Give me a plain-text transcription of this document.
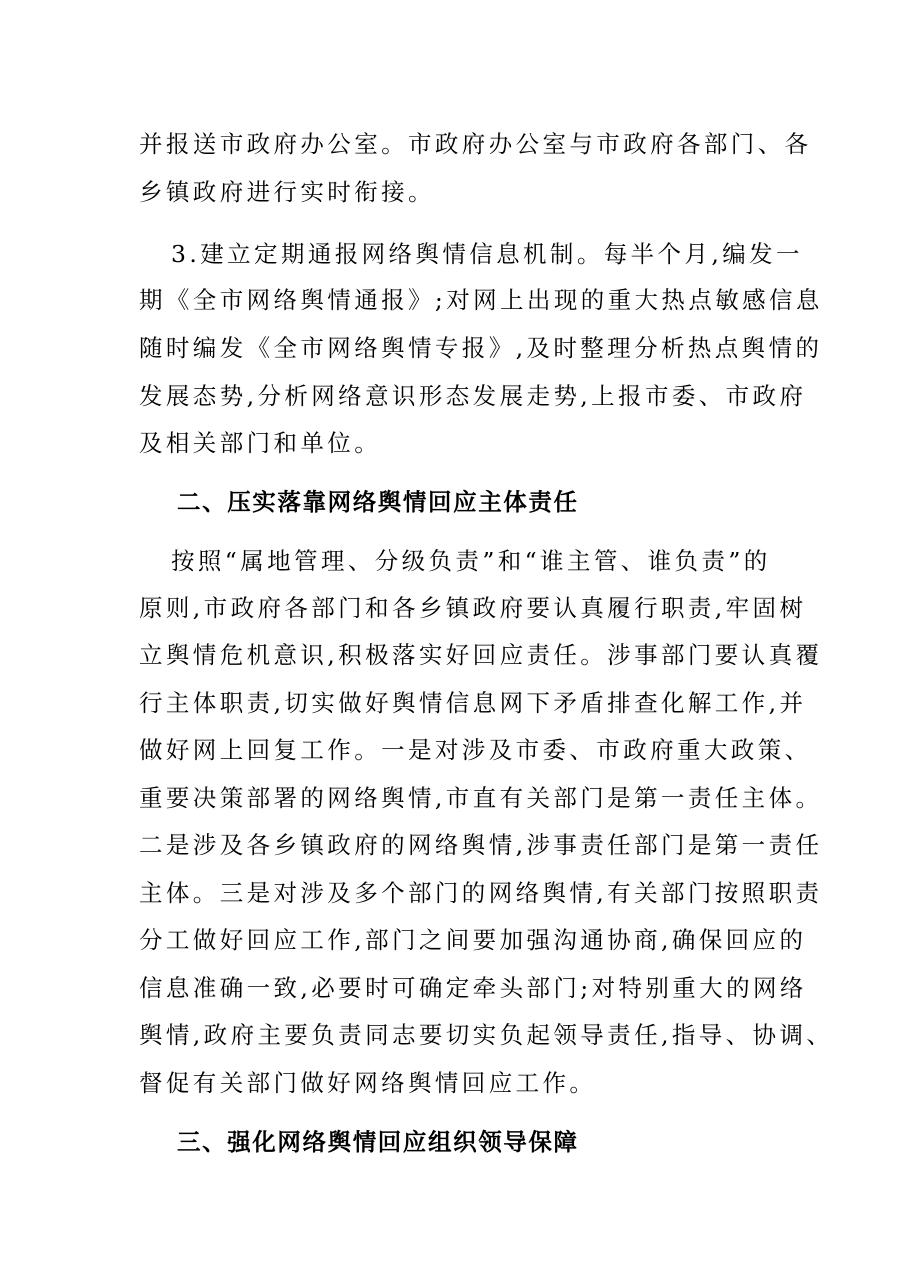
并报送市政府办公室。市政府办公室与市政府各部门、各
乡镇政府进行实时衔接。
3.建立定期通报网络舆情信息机制。每半个月,编发一
期《全市网络舆情通报》;对网上出现的重大热点敏感信息
随时编发《全市网络舆情专报》,及时整理分析热点舆情的
发展态势,分析网络意识形态发展走势,上报市委、市政府
及相关部门和单位。
二、压实落靠网络舆情回应主体责任
按照“属地管理、分级负责”和“谁主管、谁负责”的
原则,市政府各部门和各乡镇政府要认真履行职责,牢固树
立舆情危机意识,积极落实好回应责任。涉事部门要认真覆
行主体职责,切实做好舆情信息网下矛盾排查化解工作,并
做好网上回复工作。一是对涉及市委、市政府重大政策、
重要决策部署的网络舆情,市直有关部门是第一责任主体。
二是涉及各乡镇政府的网络舆情,涉事责任部门是第一责任
主体。三是对涉及多个部门的网络舆情,有关部门按照职责
分工做好回应工作,部门之间要加强沟通协商,确保回应的
信息准确一致,必要时可确定牵头部门;对特别重大的网络
舆情,政府主要负责同志要切实负起领导责任,指导、协调、
督促有关部门做好网络舆情回应工作。
三、强化网络舆情回应组织领导保障
